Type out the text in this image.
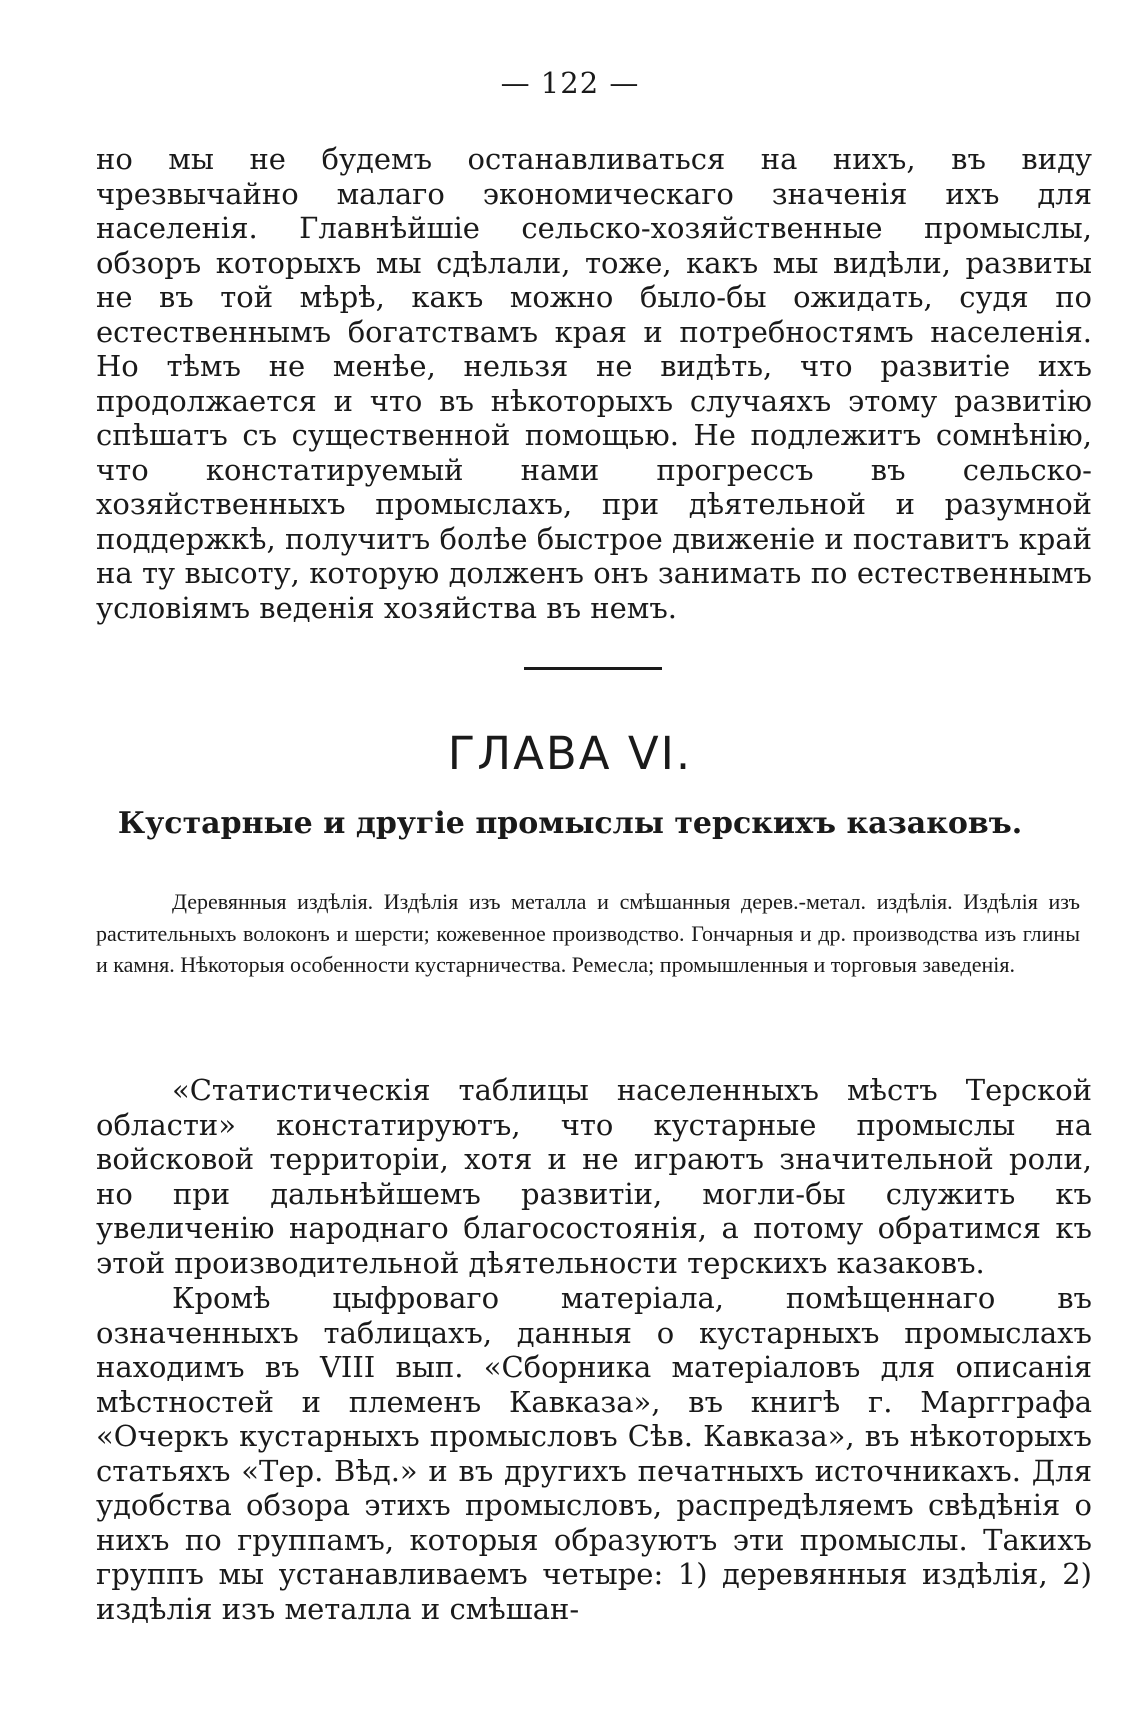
— 122 —

но мы не будемъ останавливаться на нихъ, въ виду чрезвычайно малаго экономическаго значенія ихъ для населенія. Главнѣйшіе сельско-хозяйственные промыслы, обзоръ которыхъ мы сдѣлали, тоже, какъ мы видѣли, развиты не въ той мѣрѣ, какъ можно было-бы ожидать, судя по естественнымъ богатствамъ края и потребностямъ населенія. Но тѣмъ не менѣе, нельзя не видѣть, что развитіе ихъ продолжается и что въ нѣкоторыхъ случаяхъ этому развитію спѣшатъ съ существенной помощью. Не подлежитъ сомнѣнію, что констатируемый нами прогрессъ въ сельско-хозяйственныхъ промыслахъ, при дѣятельной и разумной поддержкѣ, получитъ болѣе быстрое движеніе и поставитъ край на ту высоту, которую долженъ онъ занимать по естественнымъ условіямъ веденія хозяйства въ немъ.

ГЛАВА VI.
Кустарные и другіе промыслы терскихъ казаковъ.

Деревянныя издѣлія. Издѣлія изъ металла и смѣшанныя дерев.-метал. издѣлія. Издѣлія изъ растительныхъ волоконъ и шерсти; кожевенное производство. Гончарныя и др. производства изъ глины и камня. Нѣкоторыя особенности кустарничества. Ремесла; промышленныя и торговыя заведенія.

«Статистическія таблицы населенныхъ мѣстъ Терской области» констатируютъ, что кустарные промыслы на войсковой территоріи, хотя и не играютъ значительной роли, но при дальнѣйшемъ развитіи, могли-бы служить къ увеличенію народнаго благосостоянія, а потому обратимся къ этой производительной дѣятельности терскихъ казаковъ.

Кромѣ цыфроваго матеріала, помѣщеннаго въ означенныхъ таблицахъ, данныя о кустарныхъ промыслахъ находимъ въ VIII вып. «Сборника матеріаловъ для описанія мѣстностей и племенъ Кавказа», въ книгѣ г. Маргграфа «Очеркъ кустарныхъ промысловъ Сѣв. Кавказа», въ нѣкоторыхъ статьяхъ «Тер. Вѣд.» и въ другихъ печатныхъ источникахъ. Для удобства обзора этихъ промысловъ, распредѣляемъ свѣдѣнія о нихъ по группамъ, которыя образуютъ эти промыслы. Такихъ группъ мы устанавливаемъ четыре: 1) деревянныя издѣлія, 2) издѣлія изъ металла и смѣшан-
